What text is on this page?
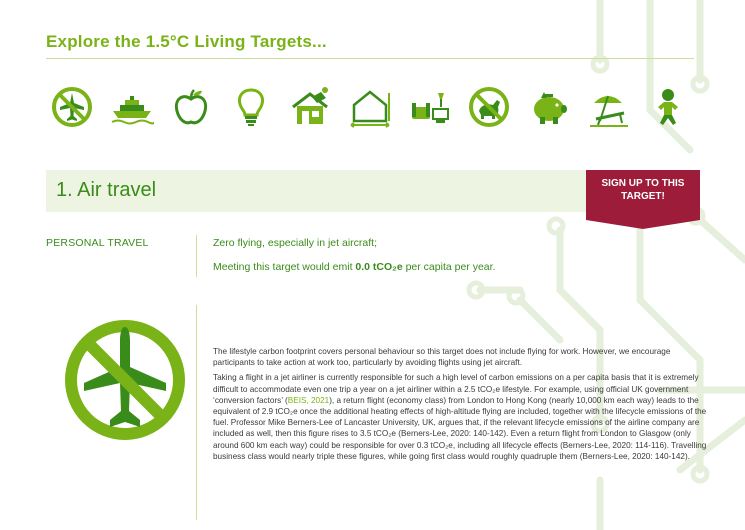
Explore the 1.5°C Living Targets...
1. Air travel	SIGN UP TO THIS TARGET!
PERSONAL TRAVEL	Zero flying, especially in jet aircraft;
Meeting this target would emit 0.0 tCO₂e per capita per year.

The lifestyle carbon footprint covers personal behaviour so this target does not include flying for work. However, we encourage participants to take action at work too, particularly by avoiding flights using jet aircraft.

Taking a flight in a jet airliner is currently responsible for such a high level of carbon emissions on a per capita basis that it is extremely difficult to accommodate even one trip a year on a jet airliner within a 2.5 tCO₂e lifestyle. For example, using official UK government ‘conversion factors’ (BEIS, 2021), a return flight (economy class) from London to Hong Kong (nearly 10,000 km each way) leads to the equivalent of 2.9 tCO₂e once the additional heating effects of high-altitude flying are included, together with the lifecycle emissions of the fuel. Professor Mike Berners-Lee of Lancaster University, UK, argues that, if the relevant lifecycle emissions of the airline company are included as well, then this figure rises to 3.5 tCO₂e (Berners-Lee, 2020: 140-142). Even a return flight from London to Glasgow (only around 600 km each way) could be responsible for over 0.3 tCO₂e, including all lifecycle effects (Berners-Lee, 2020: 114-116). Travelling business class would nearly triple these figures, while going first class would roughly quadruple them (Berners-Lee, 2020: 140-142).
